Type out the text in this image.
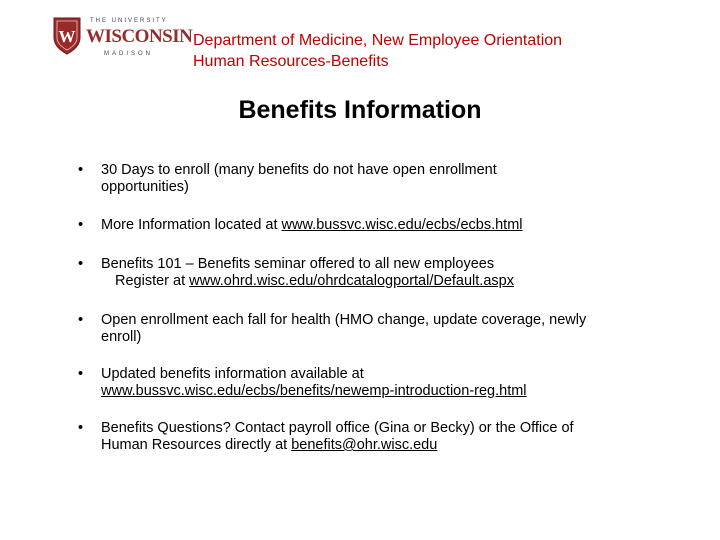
W
THE UNIVERSITY
WISCONSIN
MADISON
Department of Medicine, New Employee Orientation
Human Resources-Benefits
Benefits Information
•	30 Days to enroll (many benefits do not have open enrollment
opportunities)
•	More Information located at www.bussvc.wisc.edu/ecbs/ecbs.html
•	Benefits 101 – Benefits seminar offered to all new employees
Register at www.ohrd.wisc.edu/ohrdcatalogportal/Default.aspx
•	Open enrollment each fall for health (HMO change, update coverage, newly
enroll)
•	Updated benefits information available at
www.bussvc.wisc.edu/ecbs/benefits/newemp-introduction-reg.html
•	Benefits Questions? Contact payroll office (Gina or Becky) or the Office of
Human Resources directly at benefits@ohr.wisc.edu
